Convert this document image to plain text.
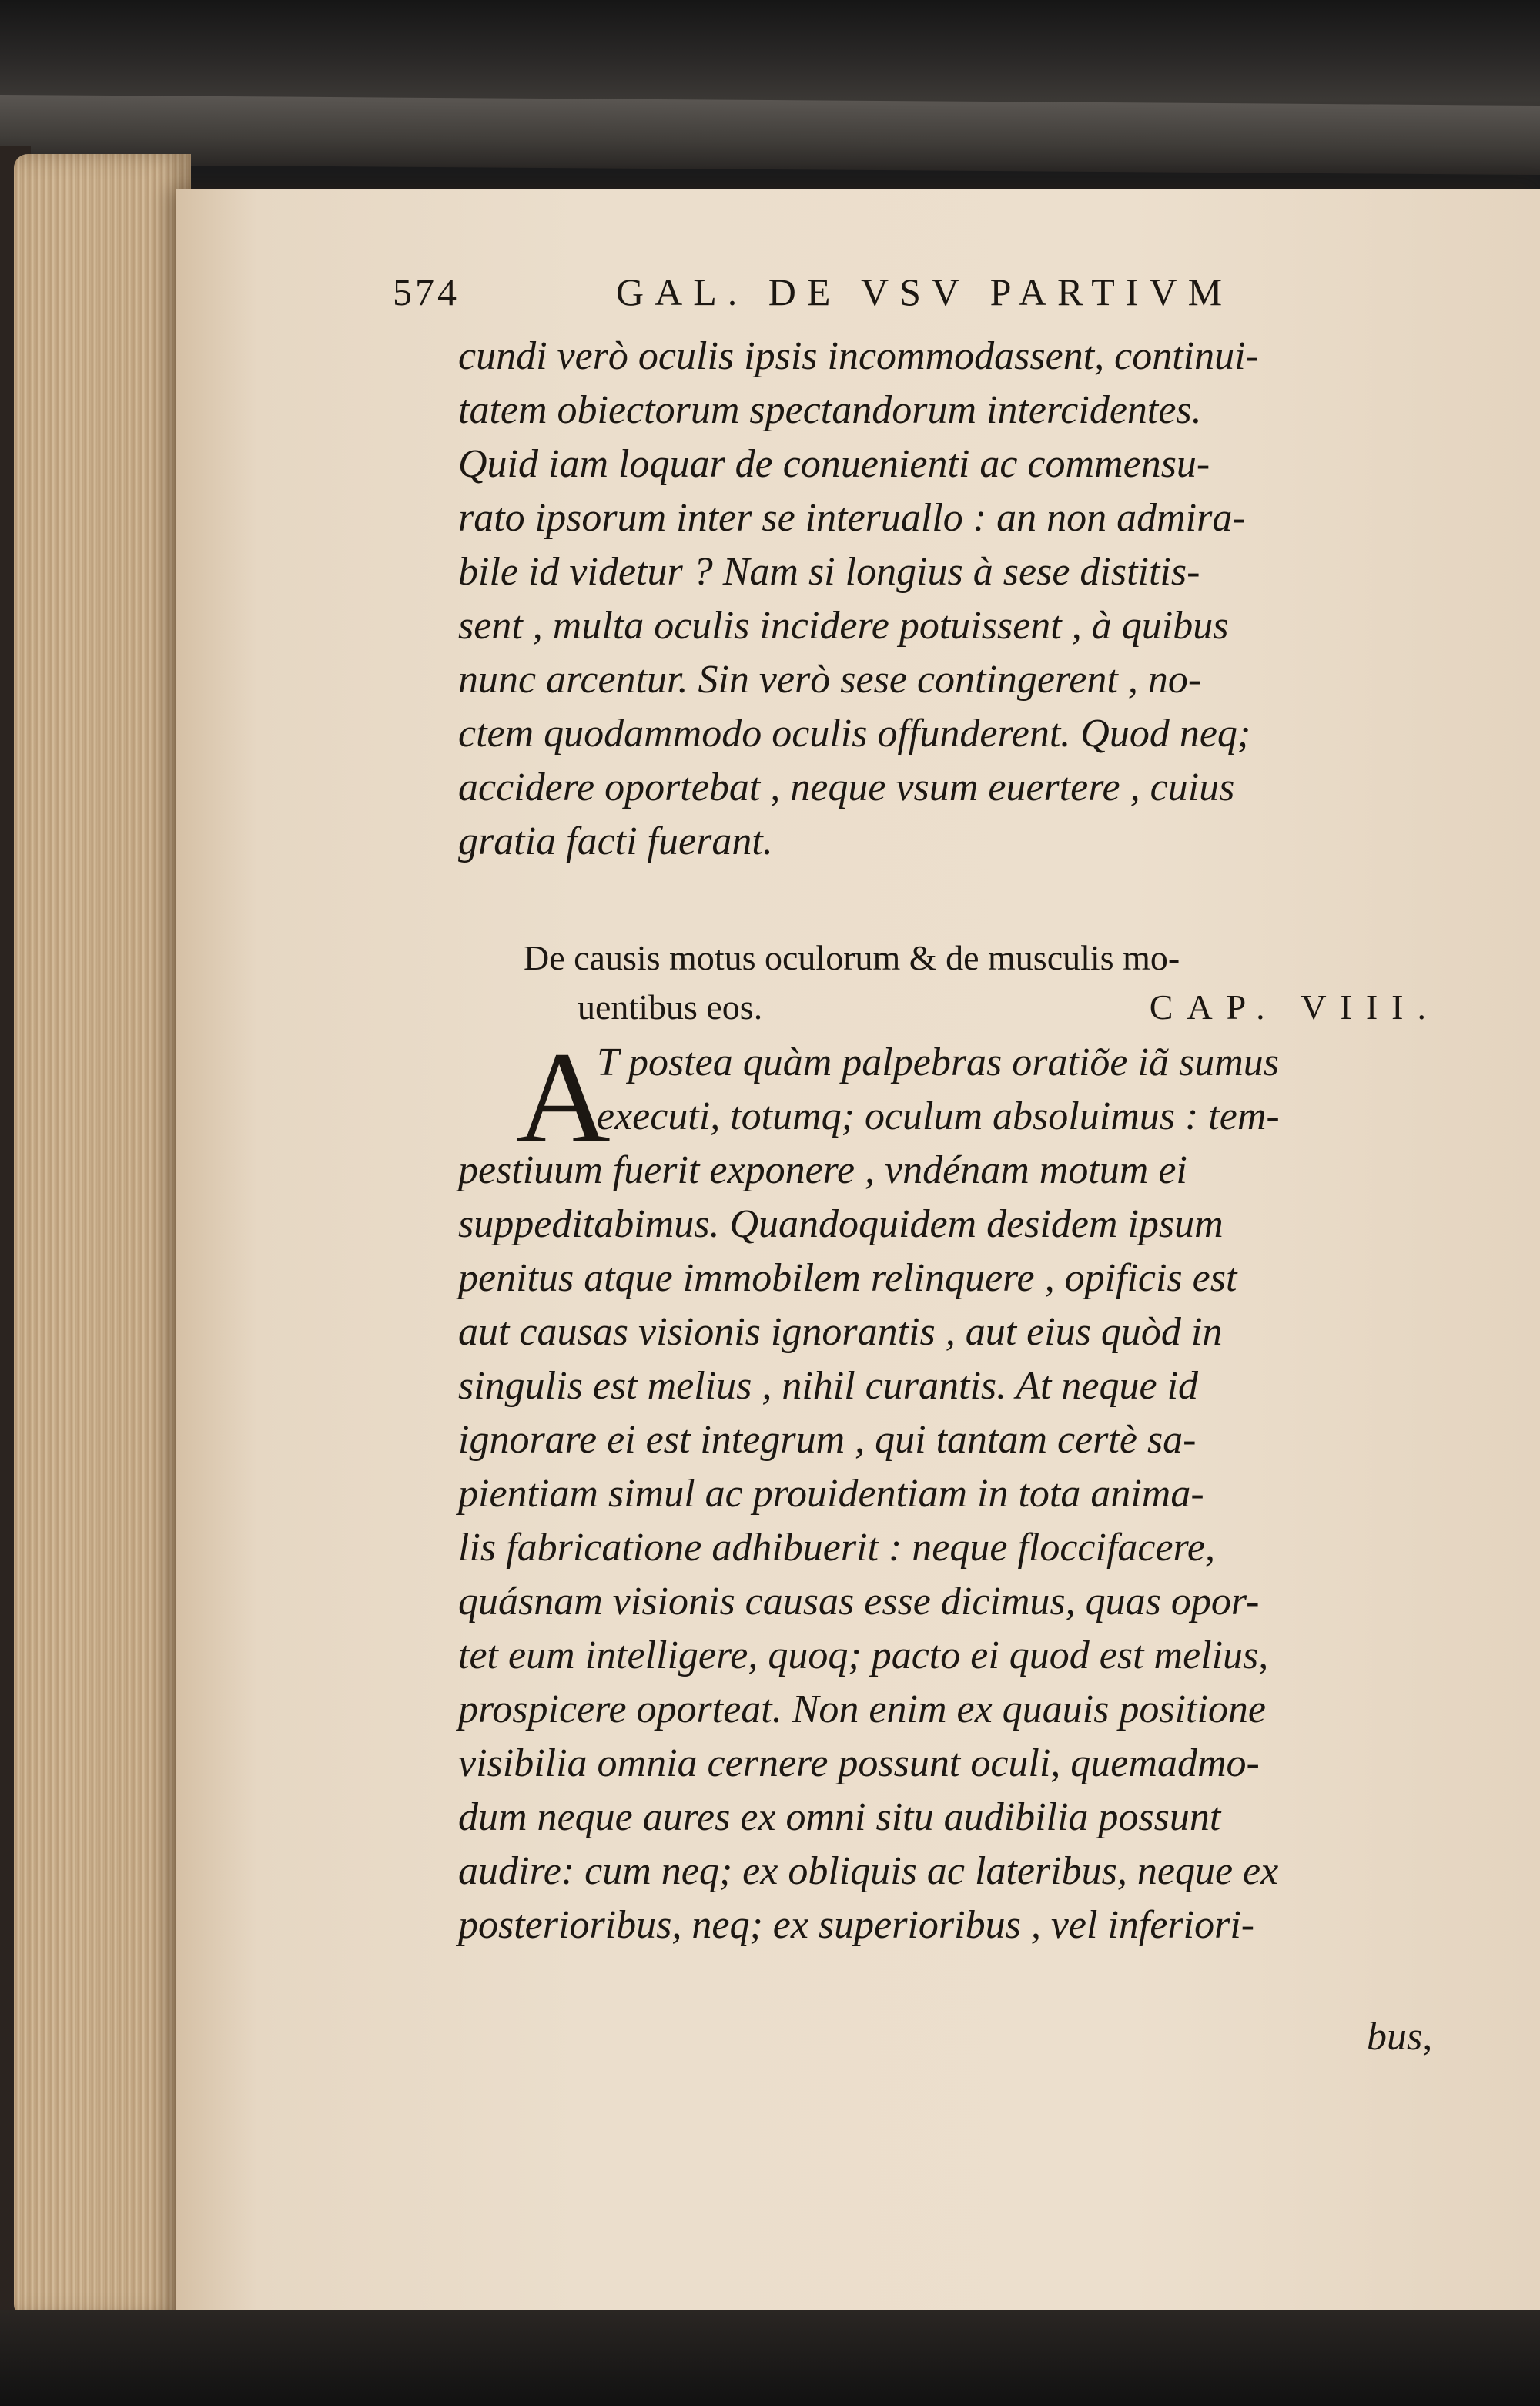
574	GAL. DE VSV PARTIVM
cundi verò oculis ipsis incommodassent, continui-
tatem obiectorum spectandorum intercidentes.
Quid iam loquar de conuenienti ac commensu-
rato ipsorum inter se interuallo : an non admira-
bile id videtur ? Nam si longius à sese distitis-
sent , multa oculis incidere potuissent , à quibus
nunc arcentur. Sin verò sese contingerent , no-
ctem quodammodo oculis offunderent. Quod neq;
accidere oportebat , neque vsum euertere , cuius
gratia facti fuerant.
De causis motus oculorum & de musculis mo-
uentibus eos.	CAP. VIII.
A
T postea quàm palpebras oratiõe iã sumus
executi, totumq; oculum absoluimus : tem-
pestiuum fuerit exponere , vndénam motum ei
suppeditabimus. Quandoquidem desidem ipsum
penitus atque immobilem relinquere , opificis est
aut causas visionis ignorantis , aut eius quòd in
singulis est melius , nihil curantis. At neque id
ignorare ei est integrum , qui tantam certè sa-
pientiam simul ac prouidentiam in tota anima-
lis fabricatione adhibuerit : neque floccifacere,
quásnam visionis causas esse dicimus, quas opor-
tet eum intelligere, quoq; pacto ei quod est melius,
prospicere oporteat. Non enim ex quauis positione
visibilia omnia cernere possunt oculi, quemadmo-
dum neque aures ex omni situ audibilia possunt
audire: cum neq; ex obliquis ac lateribus, neque ex
posterioribus, neq; ex superioribus , vel inferiori-
bus,
